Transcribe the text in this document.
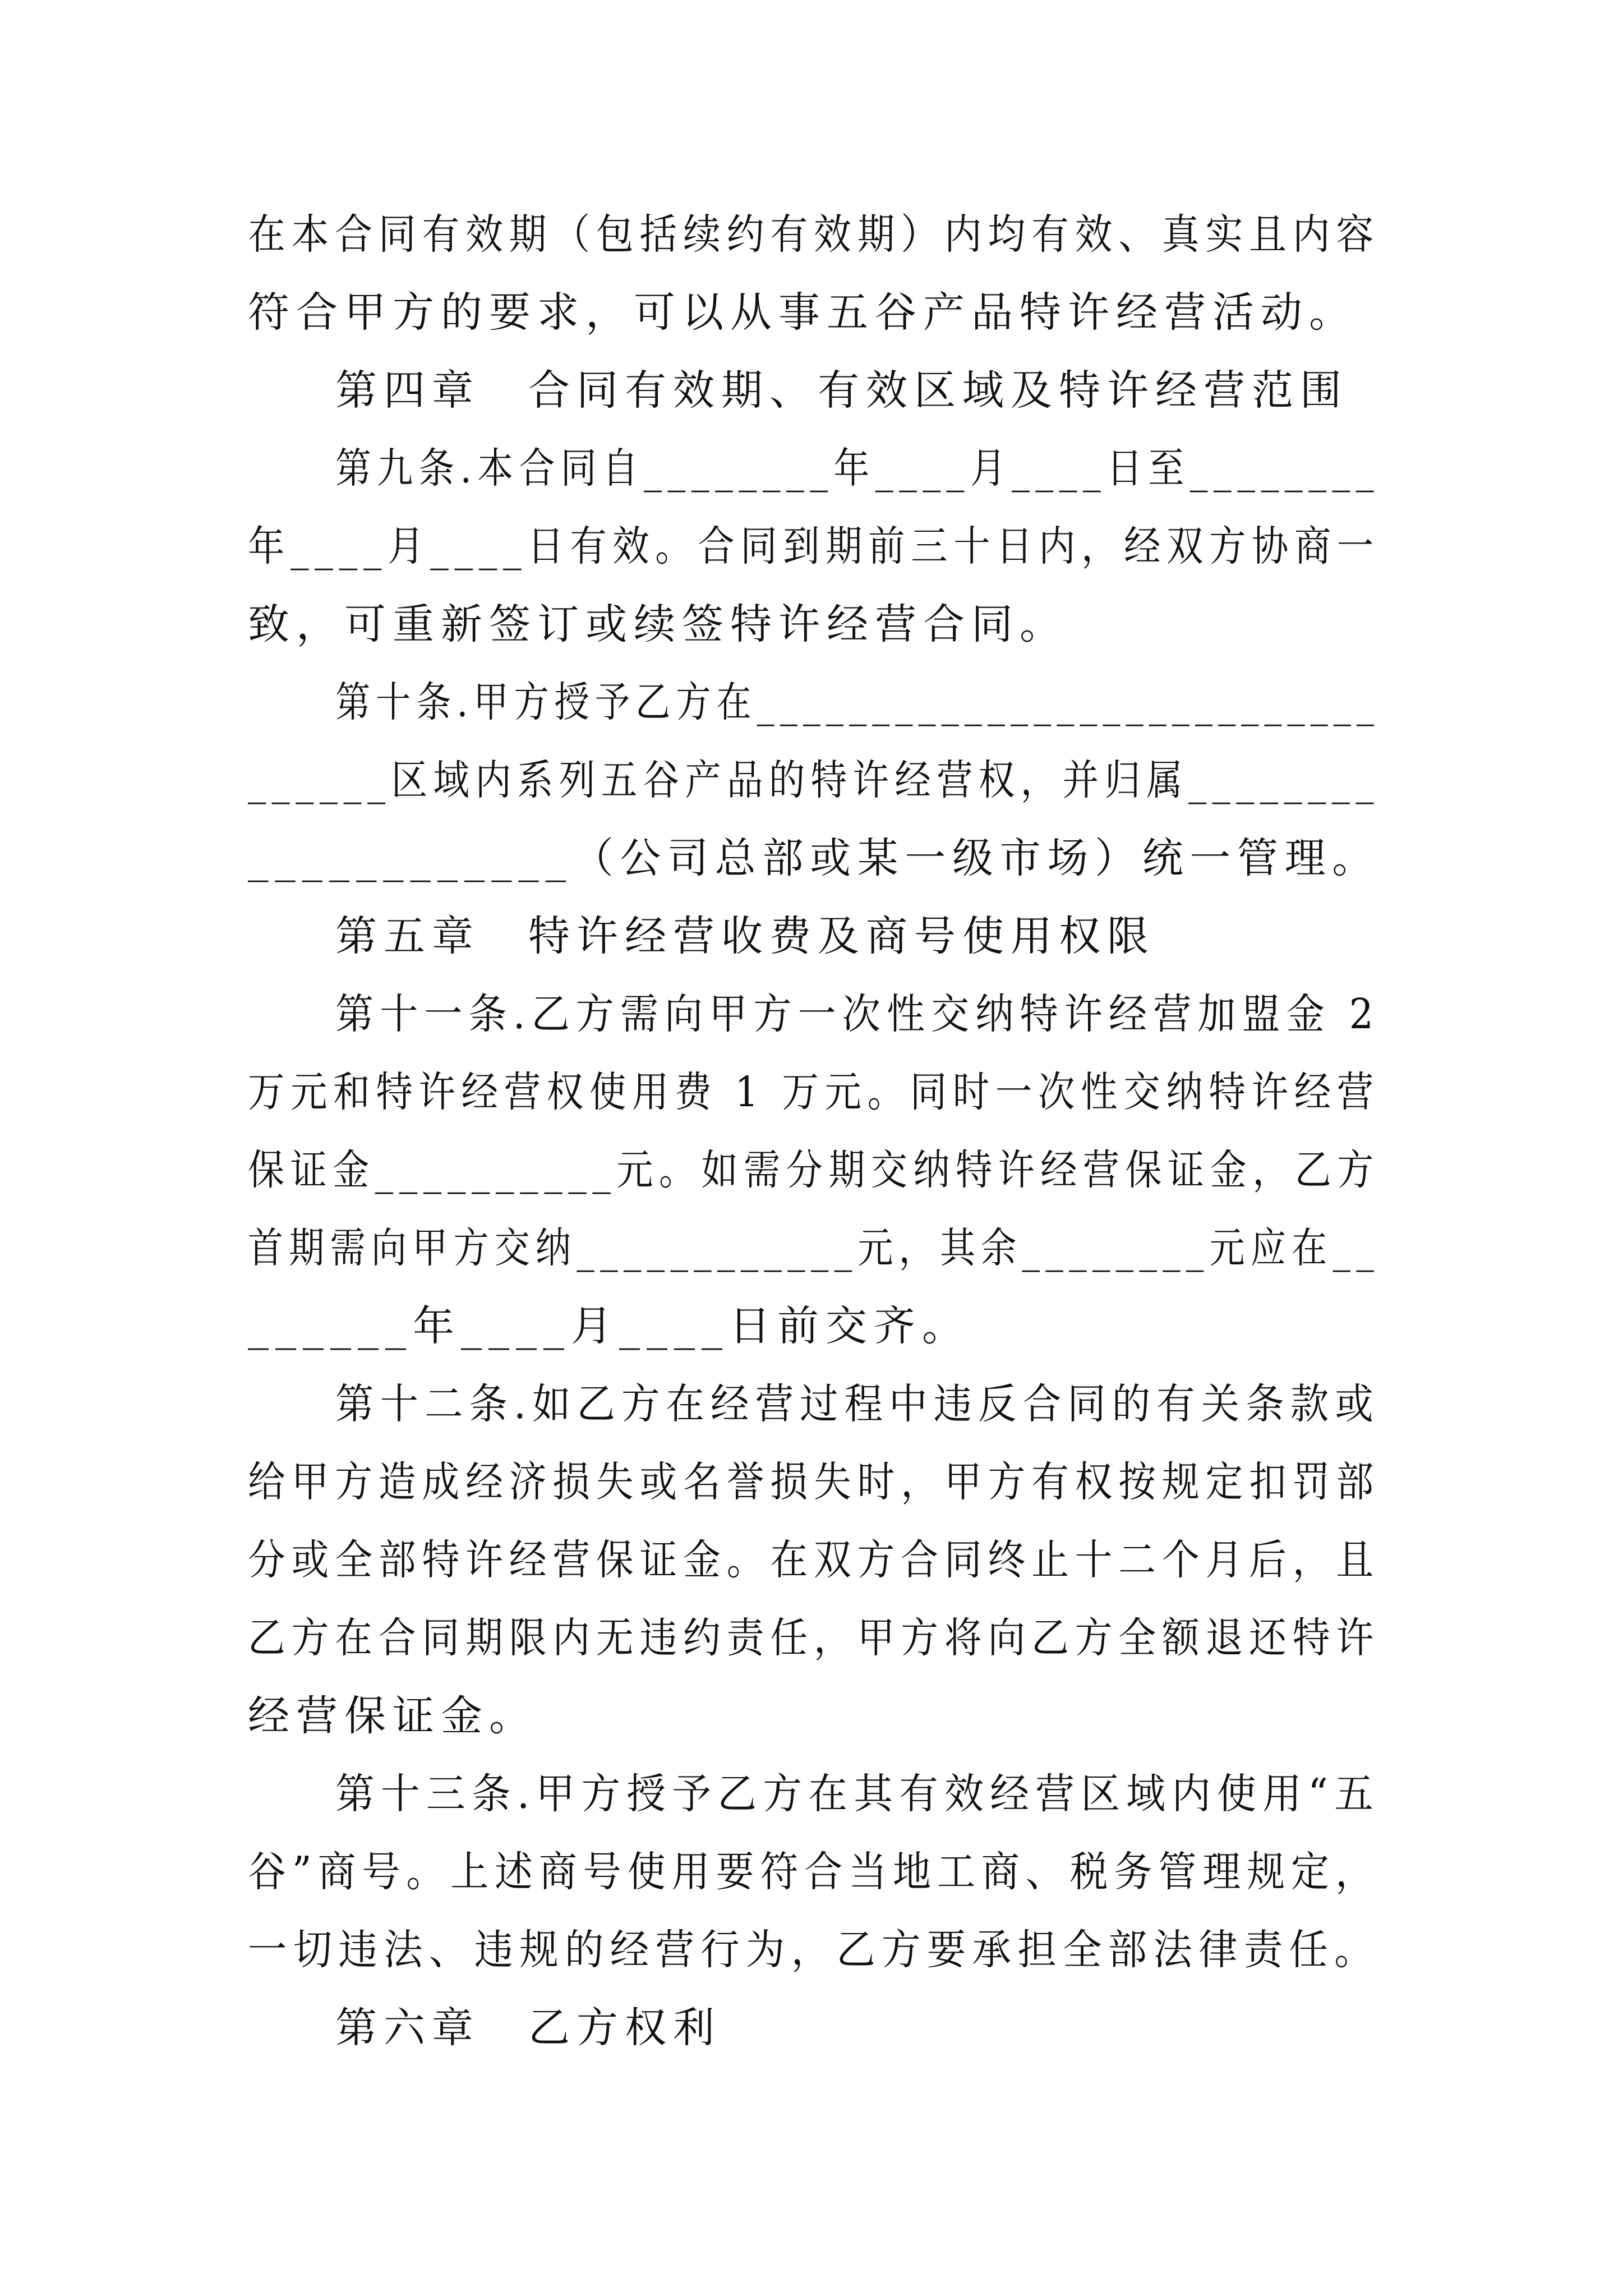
在本合同有效期（包括续约有效期）内均有效、真实且内容
符合甲方的要求，可以从事五谷产品特许经营活动。
第四章　合同有效期、有效区域及特许经营范围
第九条.本合同自________年____月____日至________
年____月____日有效。合同到期前三十日内，经双方协商一
致，可重新签订或续签特许经营合同。
第十条.甲方授予乙方在___________________________
______区域内系列五谷产品的特许经营权，并归属________
____________（公司总部或某一级市场）统一管理。
第五章　特许经营收费及商号使用权限
第十一条.乙方需向甲方一次性交纳特许经营加盟金 2
万元和特许经营权使用费 1 万元。同时一次性交纳特许经营
保证金__________元。如需分期交纳特许经营保证金，乙方
首期需向甲方交纳____________元，其余________元应在__
______年____月____日前交齐。
第十二条.如乙方在经营过程中违反合同的有关条款或
给甲方造成经济损失或名誉损失时，甲方有权按规定扣罚部
分或全部特许经营保证金。在双方合同终止十二个月后，且
乙方在合同期限内无违约责任，甲方将向乙方全额退还特许
经营保证金。
第十三条.甲方授予乙方在其有效经营区域内使用“五
谷”商号。上述商号使用要符合当地工商、税务管理规定，
一切违法、违规的经营行为，乙方要承担全部法律责任。
第六章　乙方权利
